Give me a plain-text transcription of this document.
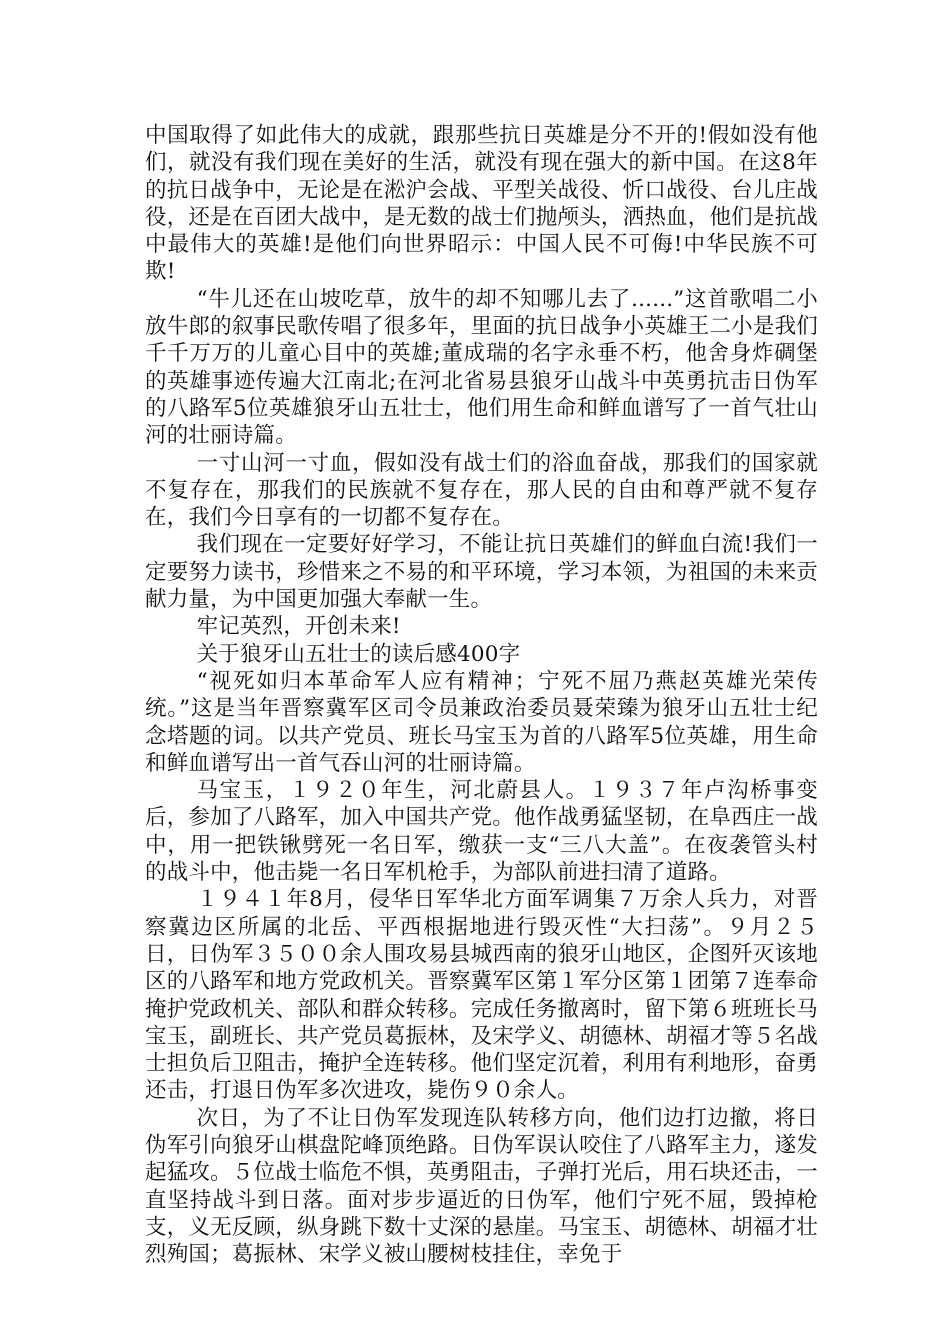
中国取得了如此伟大的成就，跟那些抗日英雄是分不开的!假如没有他们，就没有我们现在美好的生活，就没有现在强大的新中国。在这8年的抗日战争中，无论是在淞沪会战、平型关战役、忻口战役、台儿庄战役，还是在百团大战中，是无数的战士们抛颅头，洒热血，他们是抗战中最伟大的英雄!是他们向世界昭示：中国人民不可侮!中华民族不可欺!

“牛儿还在山坡吃草，放牛的却不知哪儿去了......”这首歌唱二小放牛郎的叙事民歌传唱了很多年，里面的抗日战争小英雄王二小是我们千千万万的儿童心目中的英雄;董成瑞的名字永垂不朽，他舍身炸碉堡的英雄事迹传遍大江南北;在河北省易县狼牙山战斗中英勇抗击日伪军的八路军5位英雄狼牙山五壮士，他们用生命和鲜血谱写了一首气壮山河的壮丽诗篇。

一寸山河一寸血，假如没有战士们的浴血奋战，那我们的国家就不复存在，那我们的民族就不复存在，那人民的自由和尊严就不复存在，我们今日享有的一切都不复存在。

我们现在一定要好好学习，不能让抗日英雄们的鲜血白流!我们一定要努力读书，珍惜来之不易的和平环境，学习本领，为祖国的未来贡献力量，为中国更加强大奉献一生。

牢记英烈，开创未来!

关于狼牙山五壮士的读后感400字

“视死如归本革命军人应有精神；宁死不屈乃燕赵英雄光荣传统。”这是当年晋察冀军区司令员兼政治委员聂荣臻为狼牙山五壮士纪念塔题的词。以共产党员、班长马宝玉为首的八路军5位英雄，用生命和鲜血谱写出一首气吞山河的壮丽诗篇。

马宝玉，１９２０年生，河北蔚县人。１９３７年卢沟桥事变后，参加了八路军，加入中国共产党。他作战勇猛坚韧，在阜西庄一战中，用一把铁锹劈死一名日军，缴获一支“三八大盖”。在夜袭管头村的战斗中，他击毙一名日军机枪手，为部队前进扫清了道路。

１９４１年8月，侵华日军华北方面军调集７万余人兵力，对晋察冀边区所属的北岳、平西根据地进行毁灭性“大扫荡”。９月２５日，日伪军３５００余人围攻易县城西南的狼牙山地区，企图歼灭该地区的八路军和地方党政机关。晋察冀军区第１军分区第１团第７连奉命掩护党政机关、部队和群众转移。完成任务撤离时，留下第６班班长马宝玉，副班长、共产党员葛振林，及宋学义、胡德林、胡福才等５名战士担负后卫阻击，掩护全连转移。他们坚定沉着，利用有利地形，奋勇还击，打退日伪军多次进攻，毙伤９０余人。

次日，为了不让日伪军发现连队转移方向，他们边打边撤，将日伪军引向狼牙山棋盘陀峰顶绝路。日伪军误认咬住了八路军主力，遂发起猛攻。５位战士临危不惧，英勇阻击，子弹打光后，用石块还击，一直坚持战斗到日落。面对步步逼近的日伪军，他们宁死不屈，毁掉枪支，义无反顾，纵身跳下数十丈深的悬崖。马宝玉、胡德林、胡福才壮烈殉国；葛振林、宋学义被山腰树枝挂住，幸免于
